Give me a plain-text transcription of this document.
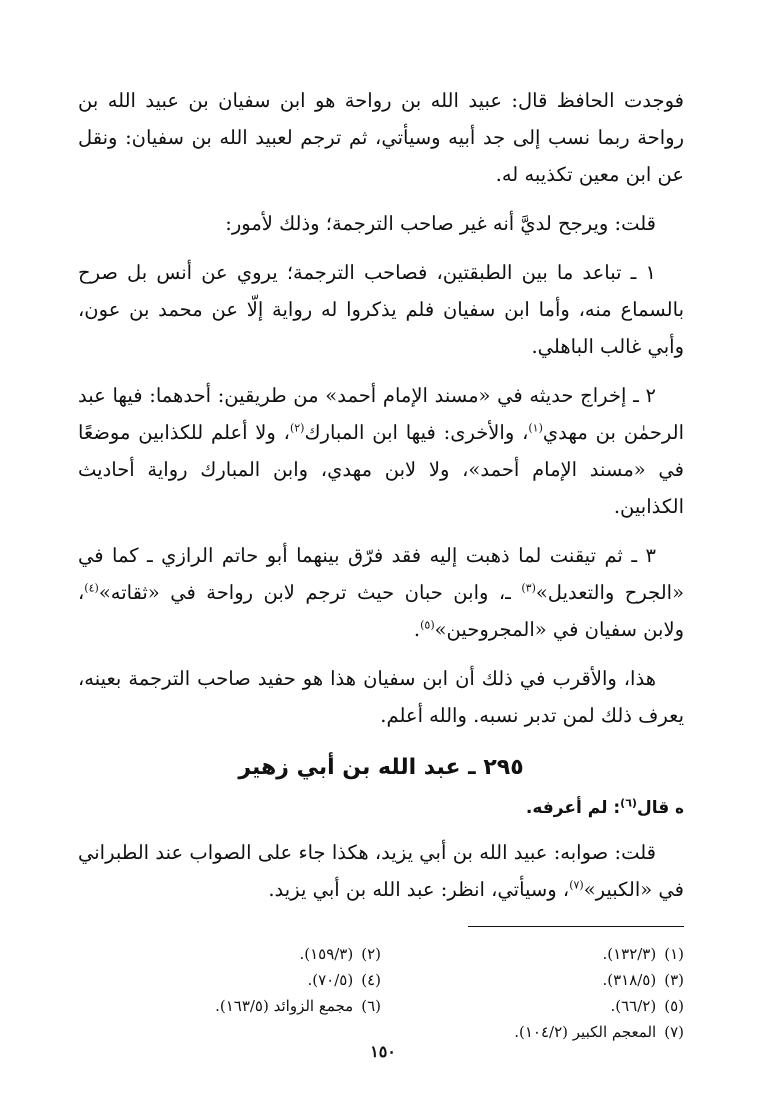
فوجدت الحافظ قال: عبيد الله بن رواحة هو ابن سفيان بن عبيد الله بن رواحة ربما نسب إلى جد أبيه وسيأتي، ثم ترجم لعبيد الله بن سفيان: ونقل عن ابن معين تكذيبه له.

قلت: ويرجح لديَّ أنه غير صاحب الترجمة؛ وذلك لأمور:

١ ـ تباعد ما بين الطبقتين، فصاحب الترجمة؛ يروي عن أنس بل صرح بالسماع منه، وأما ابن سفيان فلم يذكروا له رواية إلّا عن محمد بن عون، وأبي غالب الباهلي.

٢ ـ إخراج حديثه في «مسند الإمام أحمد» من طريقين: أحدهما: فيها عبد الرحمٰن بن مهدي$^{(١)}$، والأخرى: فيها ابن المبارك$^{(٢)}$، ولا أعلم للكذابين موضعًا في «مسند الإمام أحمد»، ولا لابن مهدي، وابن المبارك رواية أحاديث الكذابين.

٣ ـ ثم تيقنت لما ذهبت إليه فقد فرّق بينهما أبو حاتم الرازي ـ كما في «الجرح والتعديل»$^{(٣)}$ ـ، وابن حبان حيث ترجم لابن رواحة في «ثقاته»$^{(٤)}$، ولابن سفيان في «المجروحين»$^{(٥)}$.

هذا، والأقرب في ذلك أن ابن سفيان هذا هو حفيد صاحب الترجمة بعينه، يعرف ذلك لمن تدبر نسبه. والله أعلم.

٢٩٥ ـ عبد الله بن أبي زهير
ه قال$^{(٦)}$: لم أعرفه.

قلت: صوابه: عبيد الله بن أبي يزيد، هكذا جاء على الصواب عند الطبراني في «الكبير»$^{(٧)}$، وسيأتي، انظر: عبد الله بن أبي يزيد.

(١)(١٣٢/٣).
(٢)(١٥٩/٣).
(٣)(٣١٨/٥).
(٤)(٧٠/٥).
(٥)(٦٦/٢).
(٦)مجمع الزوائد (١٦٣/٥).
(٧)المعجم الكبير (١٠٤/٢).
١٥٠
